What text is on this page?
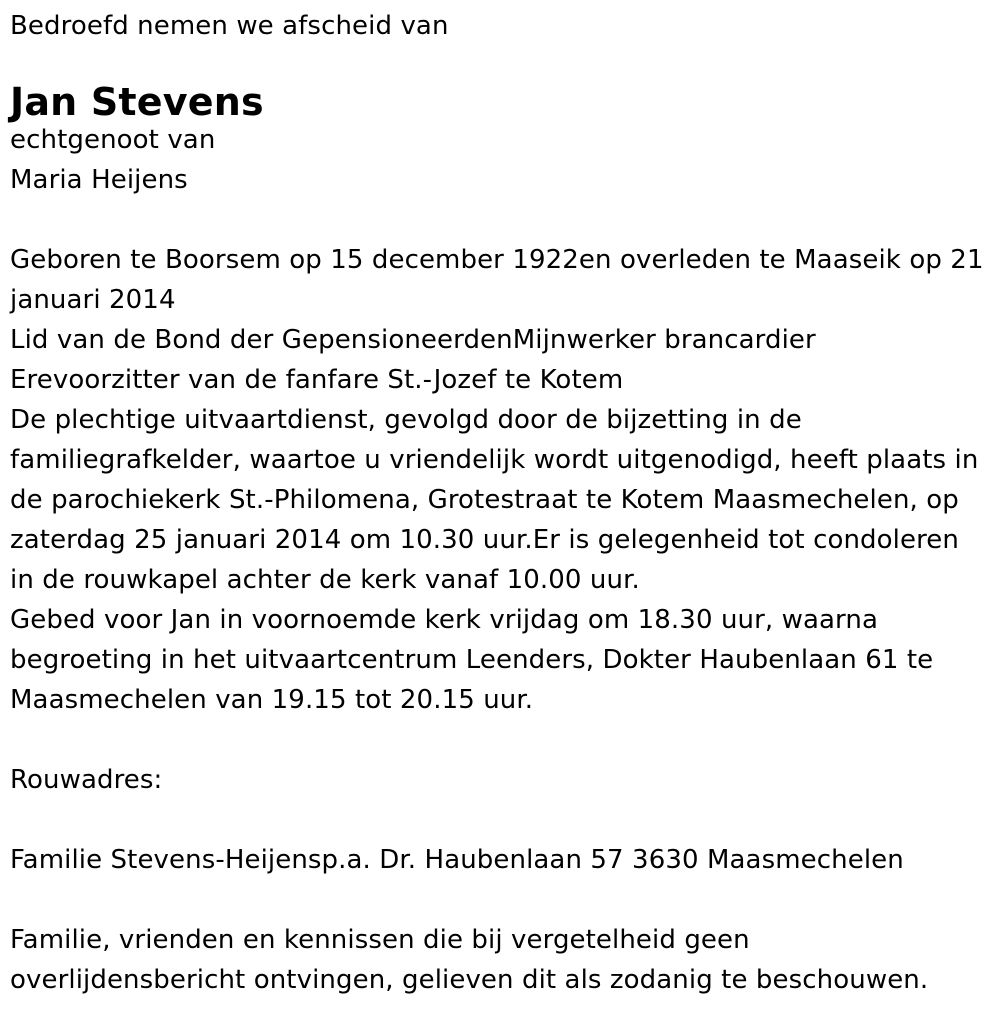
Bedroefd nemen we afscheid van
Jan Stevens
echtgenoot van
Maria Heijens
Geboren te Boorsem op 15 december 1922en overleden te Maaseik op 21 januari 2014
Lid van de Bond der GepensioneerdenMijnwerker brancardier
Erevoorzitter van de fanfare St.-Jozef te Kotem
De plechtige uitvaartdienst, gevolgd door de bijzetting in de familiegrafkelder, waartoe u vriendelijk wordt uitgenodigd, heeft plaats in de parochiekerk St.-Philomena, Grotestraat te Kotem Maasmechelen, op zaterdag 25 januari 2014 om 10.30 uur.Er is gelegenheid tot condoleren in de rouwkapel achter de kerk vanaf 10.00 uur.
Gebed voor Jan in voornoemde kerk vrijdag om 18.30 uur, waarna begroeting in het uitvaartcentrum Leenders, Dokter Haubenlaan 61 te Maasmechelen van 19.15 tot 20.15 uur.
Rouwadres:
Familie Stevens-Heijensp.a. Dr. Haubenlaan 57 3630 Maasmechelen
Familie, vrienden en kennissen die bij vergetelheid geen overlijdensbericht ontvingen, gelieven dit als zodanig te beschouwen.
